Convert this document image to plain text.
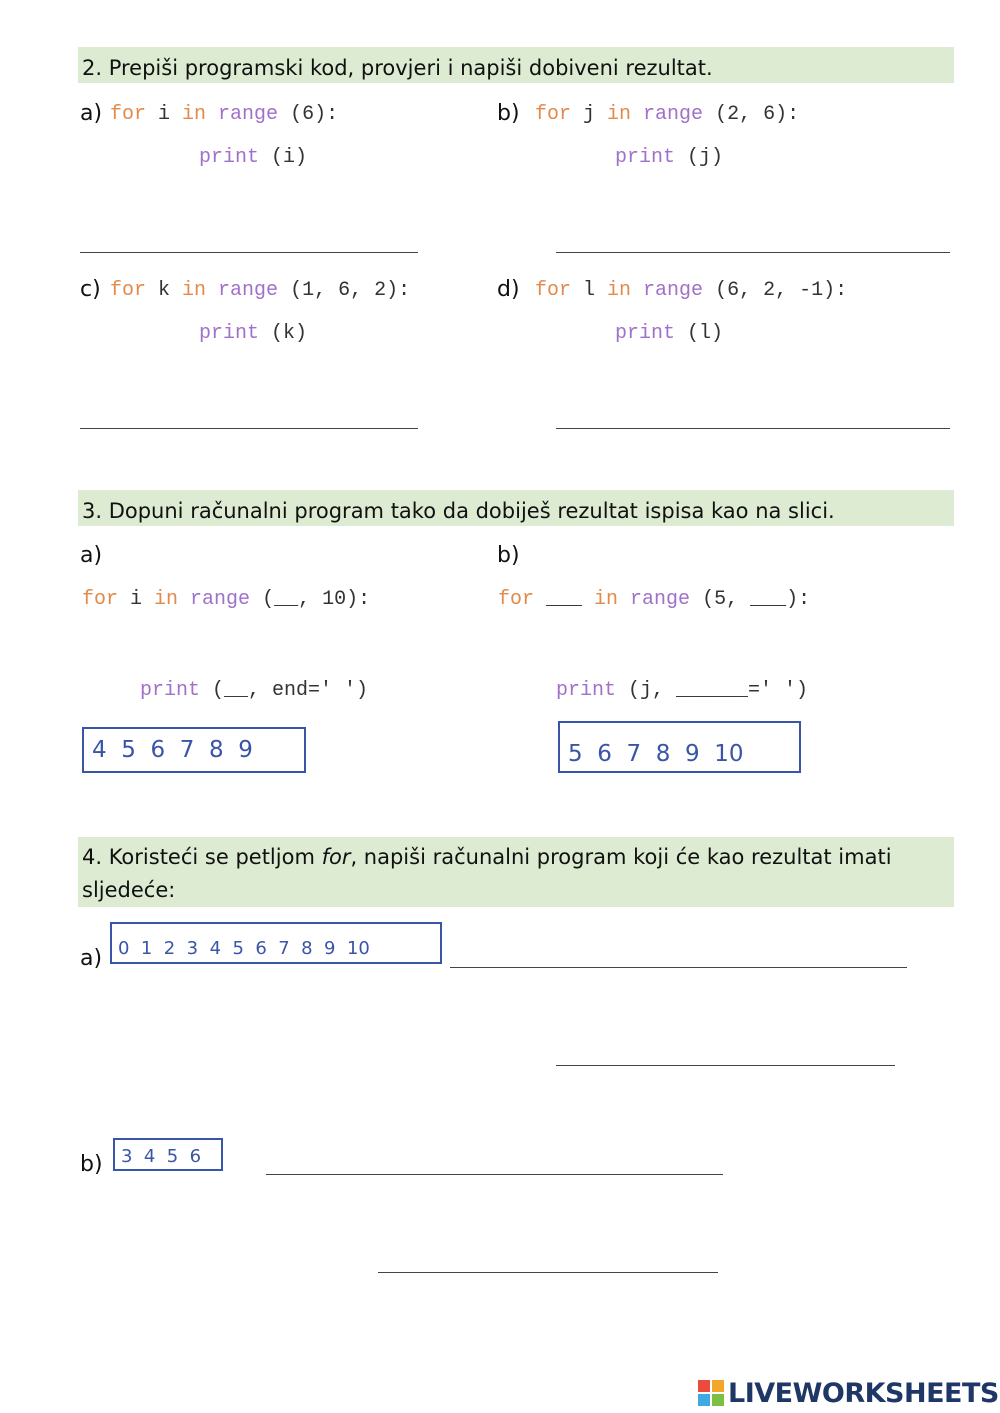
2. Prepiši programski kod, provjeri i napiši dobiveni rezultat.
a) for i in range (6):
print (i)
b) for j in range (2, 6):
print (j)
c) for k in range (1, 6, 2):
print (k)
d) for l in range (6, 2, -1):
print (l)
3. Dopuni računalni program tako da dobiješ rezultat ispisa kao na slici.
a)
for i in range (__, 10):
print (__, end=' ')
4  5  6  7  8  9
b)
for ___ in range (5, ___):
print (j, ______=' ')
5  6  7  8  9  10
4. Koristeći se petljom for, napiši računalni program koji će kao rezultat imati sljedeće:
a) 0  1  2  3  4  5  6  7  8  9  10
b)	3  4  5  6
LIVEWORKSHEETS
